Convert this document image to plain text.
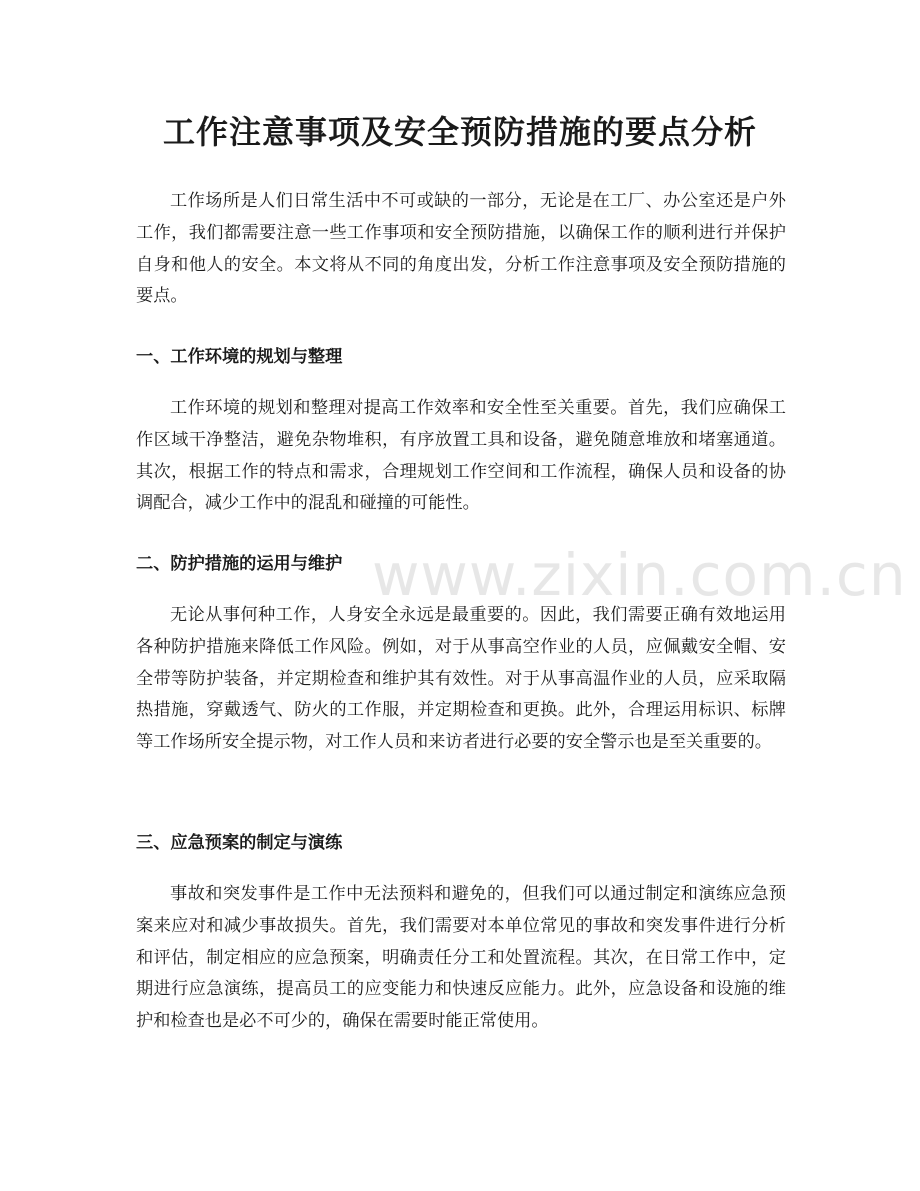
工作注意事项及安全预防措施的要点分析

工作场所是人们日常生活中不可或缺的一部分，无论是在工厂、办公室还是户外工作，我们都需要注意一些工作事项和安全预防措施，以确保工作的顺利进行并保护自身和他人的安全。本文将从不同的角度出发，分析工作注意事项及安全预防措施的要点。

一、工作环境的规划与整理

工作环境的规划和整理对提高工作效率和安全性至关重要。首先，我们应确保工作区域干净整洁，避免杂物堆积，有序放置工具和设备，避免随意堆放和堵塞通道。其次，根据工作的特点和需求，合理规划工作空间和工作流程，确保人员和设备的协调配合，减少工作中的混乱和碰撞的可能性。

二、防护措施的运用与维护

无论从事何种工作，人身安全永远是最重要的。因此，我们需要正确有效地运用各种防护措施来降低工作风险。例如，对于从事高空作业的人员，应佩戴安全帽、安全带等防护装备，并定期检查和维护其有效性。对于从事高温作业的人员，应采取隔热措施，穿戴透气、防火的工作服，并定期检查和更换。此外，合理运用标识、标牌等工作场所安全提示物，对工作人员和来访者进行必要的安全警示也是至关重要的。

三、应急预案的制定与演练

事故和突发事件是工作中无法预料和避免的，但我们可以通过制定和演练应急预案来应对和减少事故损失。首先，我们需要对本单位常见的事故和突发事件进行分析和评估，制定相应的应急预案，明确责任分工和处置流程。其次，在日常工作中，定期进行应急演练，提高员工的应变能力和快速反应能力。此外，应急设备和设施的维护和检查也是必不可少的，确保在需要时能正常使用。

www.zixin.com.cn
